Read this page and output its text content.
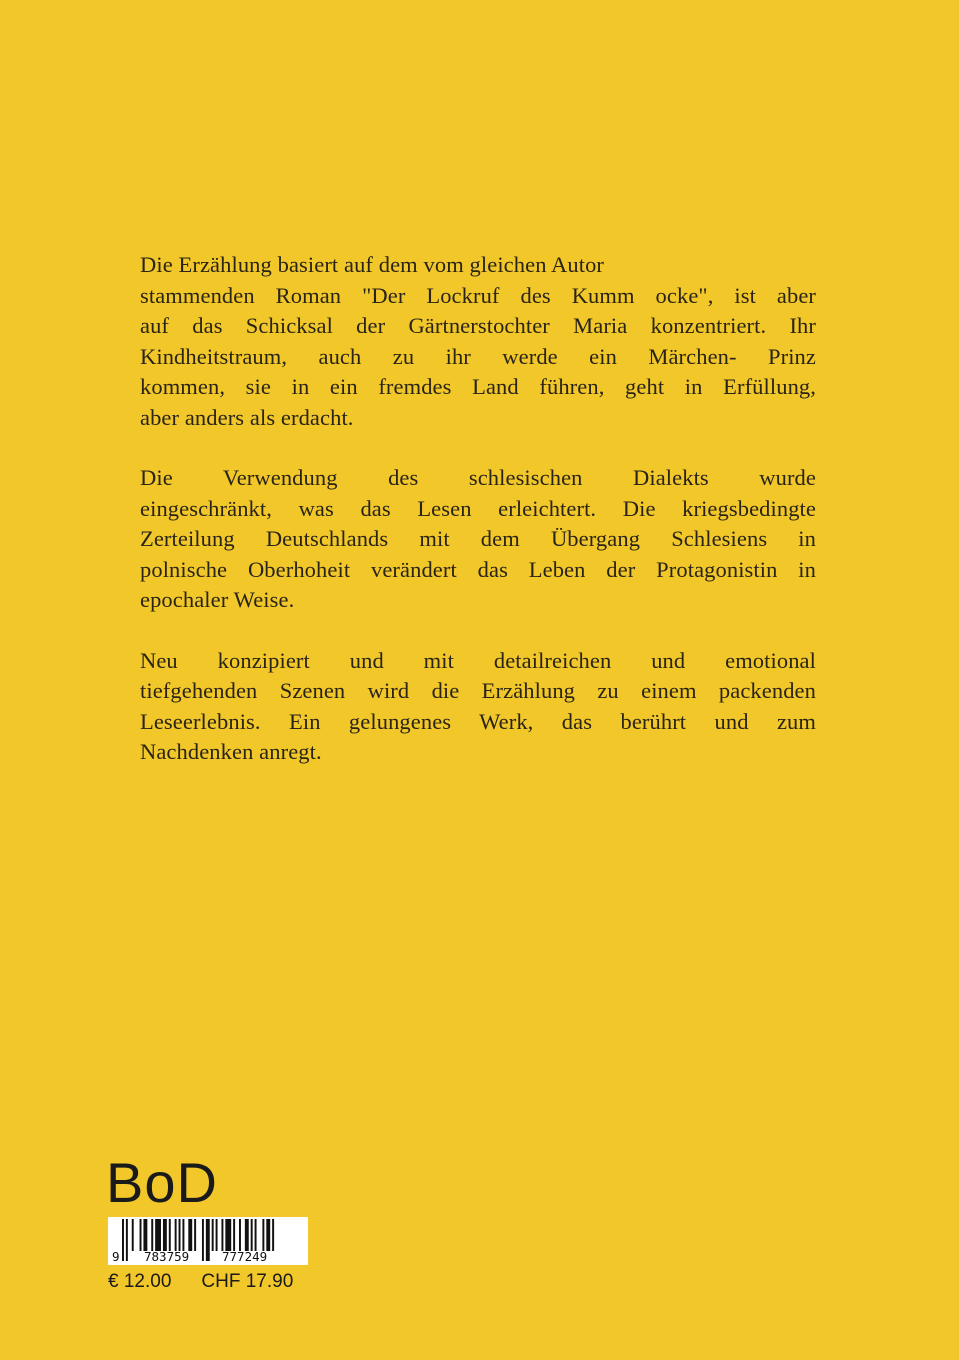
Die Erzählung basiert auf dem vom gleichen Autor
stammenden Roman "Der Lockruf des Kumm ocke", ist aber
auf das Schicksal der Gärtnerstochter Maria konzentriert. Ihr
Kindheitstraum, auch zu ihr werde ein Märchen- Prinz
kommen, sie in ein fremdes Land führen, geht in Erfüllung,
aber anders als erdacht.

Die Verwendung des schlesischen Dialekts wurde
eingeschränkt, was das Lesen erleichtert. Die kriegsbedingte
Zerteilung Deutschlands mit dem Übergang Schlesiens in
polnische Oberhoheit verändert das Leben der Protagonistin in
epochaler Weise.

Neu konzipiert und mit detailreichen und emotional
tiefgehenden Szenen wird die Erzählung zu einem packenden
Leseerlebnis. Ein gelungenes Werk, das berührt und zum
Nachdenken anregt.

BoD
9 783759	777249
€ 12.00 CHF 17.90
